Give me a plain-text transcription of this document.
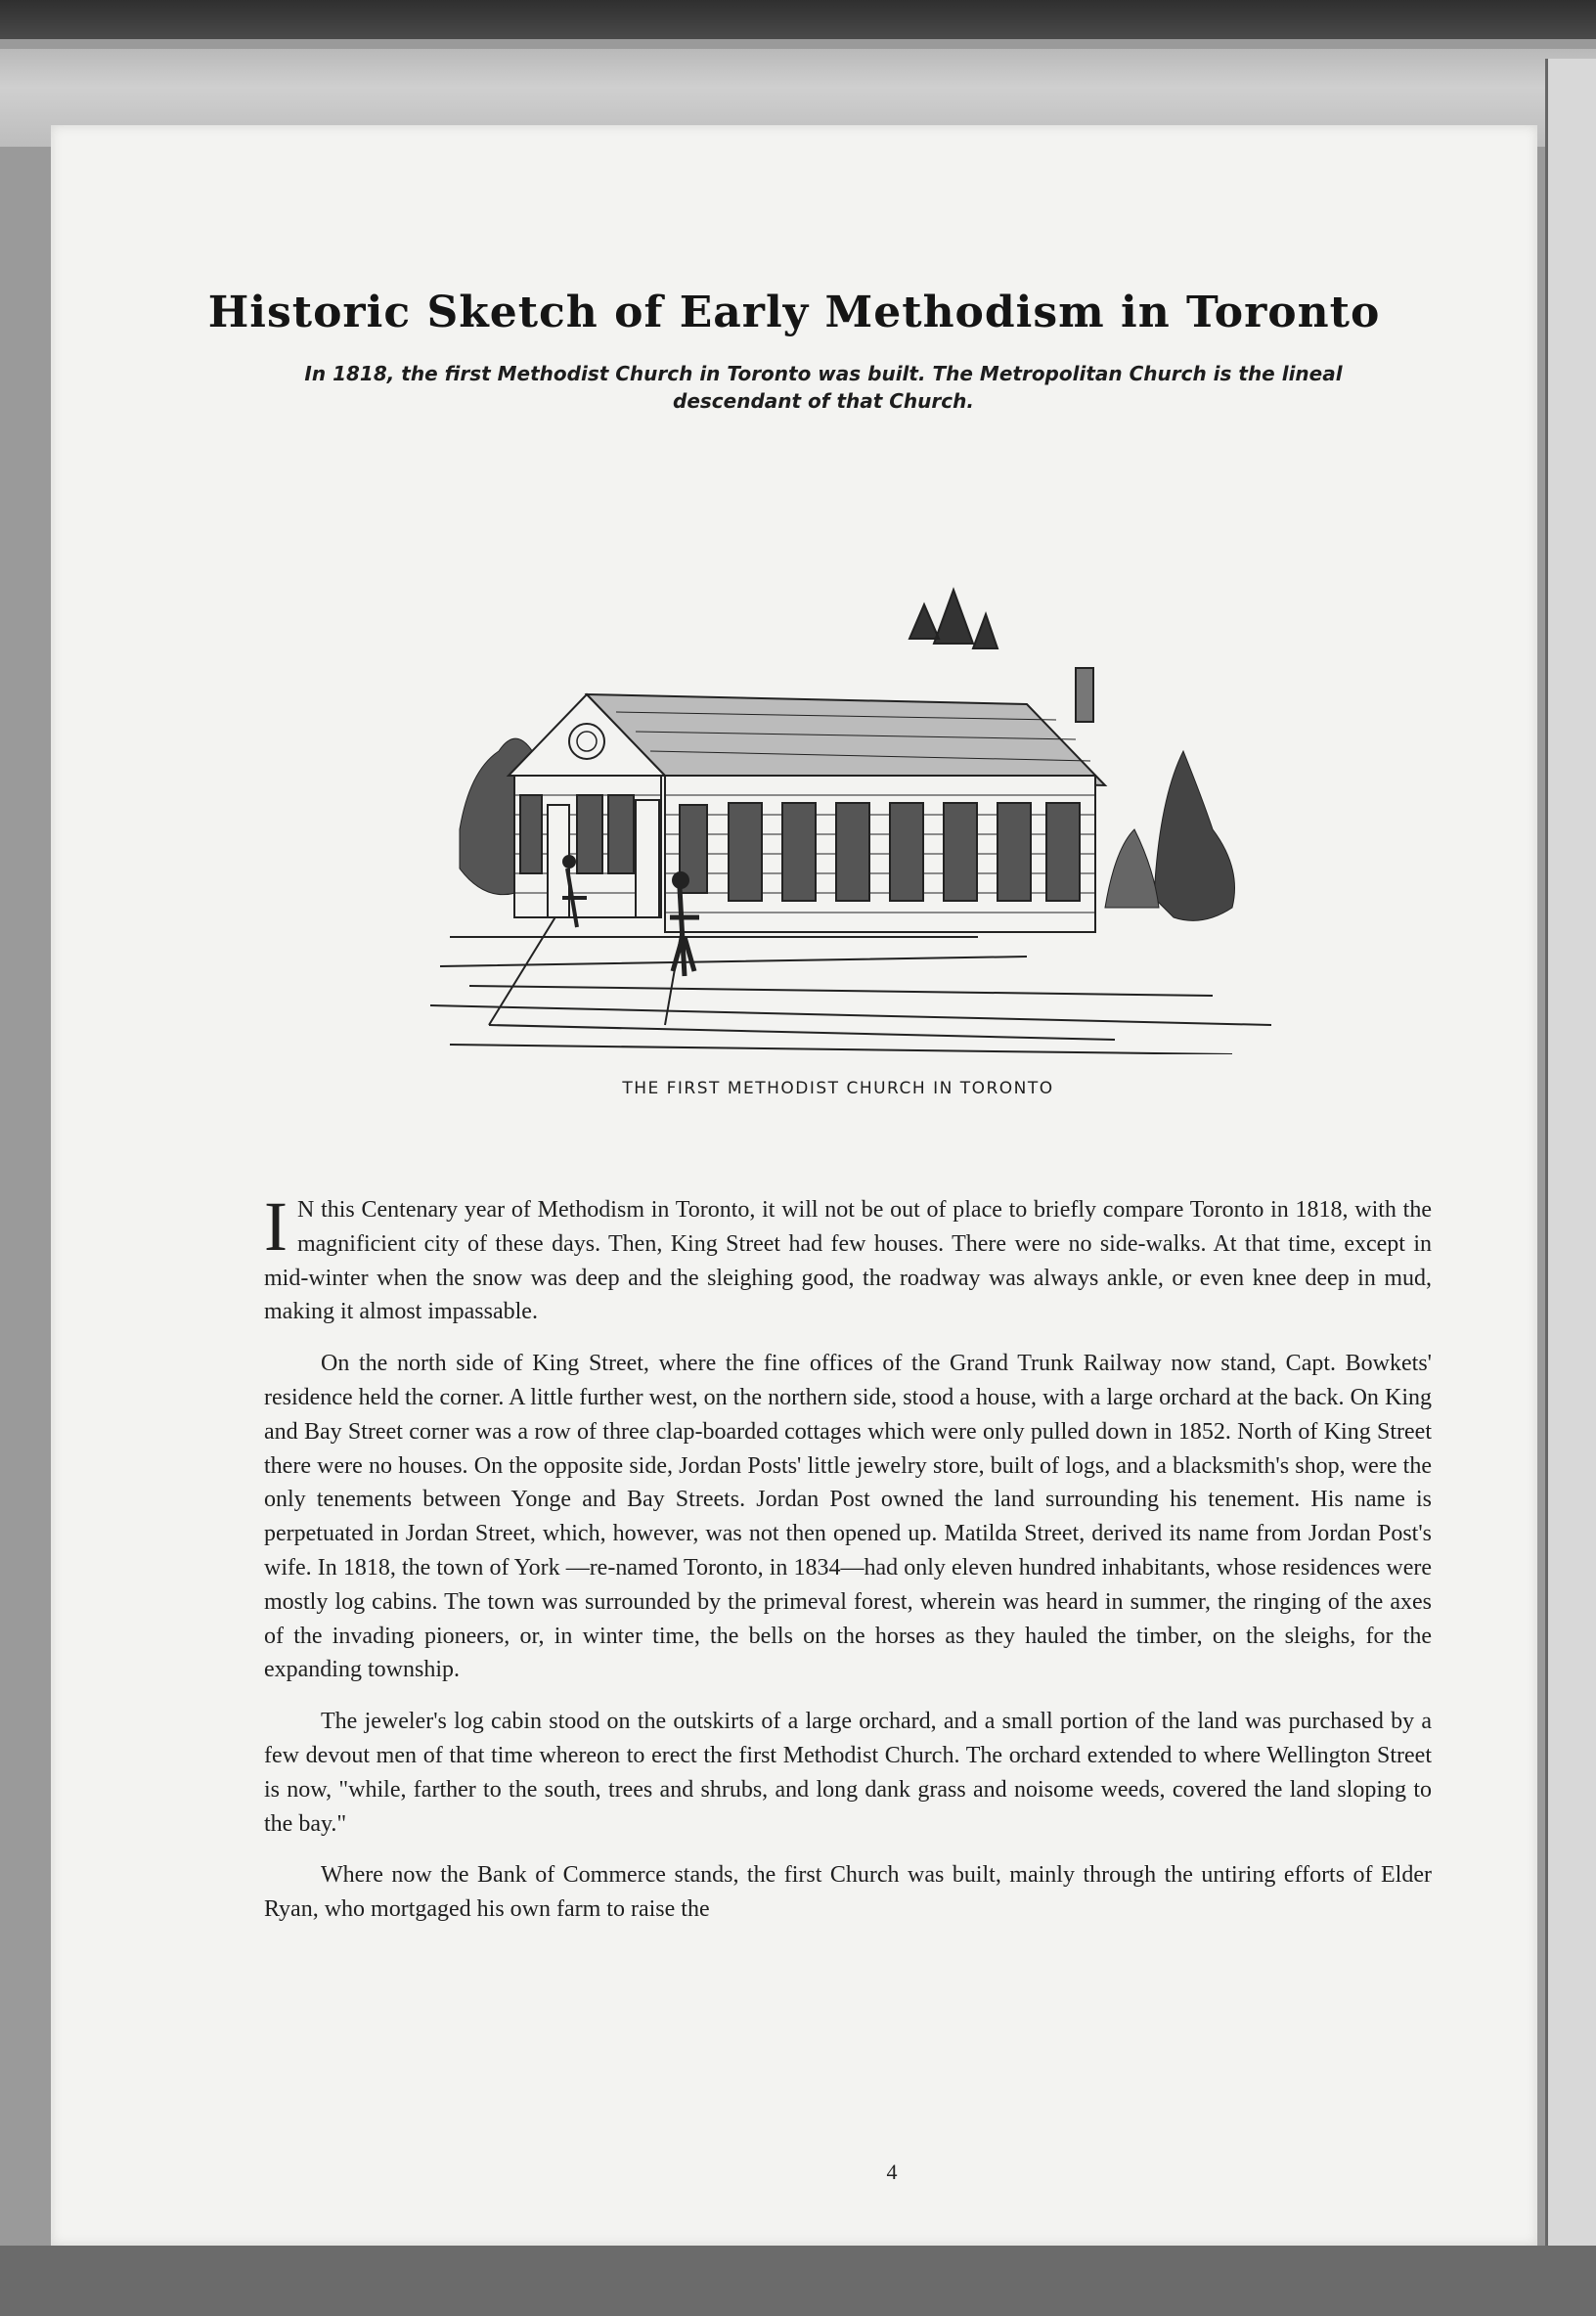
Historic Sketch of Early Methodism in Toronto
In 1818, the first Methodist Church in Toronto was built. The Metropolitan Church is the lineal descendant of that Church.
THE FIRST METHODIST CHURCH IN TORONTO

I N this Centenary year of Methodism in Toronto, it will not be out of place to briefly compare Toronto in 1818, with the magnificient city of these days. Then, King Street had few houses. There were no side-walks. At that time, except in mid-winter when the snow was deep and the sleighing good, the roadway was always ankle, or even knee deep in mud, making it almost impassable.

On the north side of King Street, where the fine offices of the Grand Trunk Railway now stand, Capt. Bowkets' residence held the corner. A little further west, on the northern side, stood a house, with a large orchard at the back. On King and Bay Street corner was a row of three clap-boarded cottages which were only pulled down in 1852. North of King Street there were no houses. On the opposite side, Jordan Posts' little jewelry store, built of logs, and a blacksmith's shop, were the only tenements between Yonge and Bay Streets. Jordan Post owned the land surrounding his tenement. His name is perpetuated in Jordan Street, which, however, was not then opened up. Matilda Street, derived its name from Jordan Post's wife. In 1818, the town of York —re-named Toronto, in 1834—had only eleven hundred inhabitants, whose residences were mostly log cabins. The town was surrounded by the primeval forest, wherein was heard in summer, the ringing of the axes of the invading pioneers, or, in winter time, the bells on the horses as they hauled the timber, on the sleighs, for the expanding township.

The jeweler's log cabin stood on the outskirts of a large orchard, and a small portion of the land was purchased by a few devout men of that time whereon to erect the first Methodist Church. The orchard extended to where Wellington Street is now, "while, farther to the south, trees and shrubs, and long dank grass and noisome weeds, covered the land sloping to the bay."

Where now the Bank of Commerce stands, the first Church was built, mainly through the untiring efforts of Elder Ryan, who mortgaged his own farm to raise the

4
